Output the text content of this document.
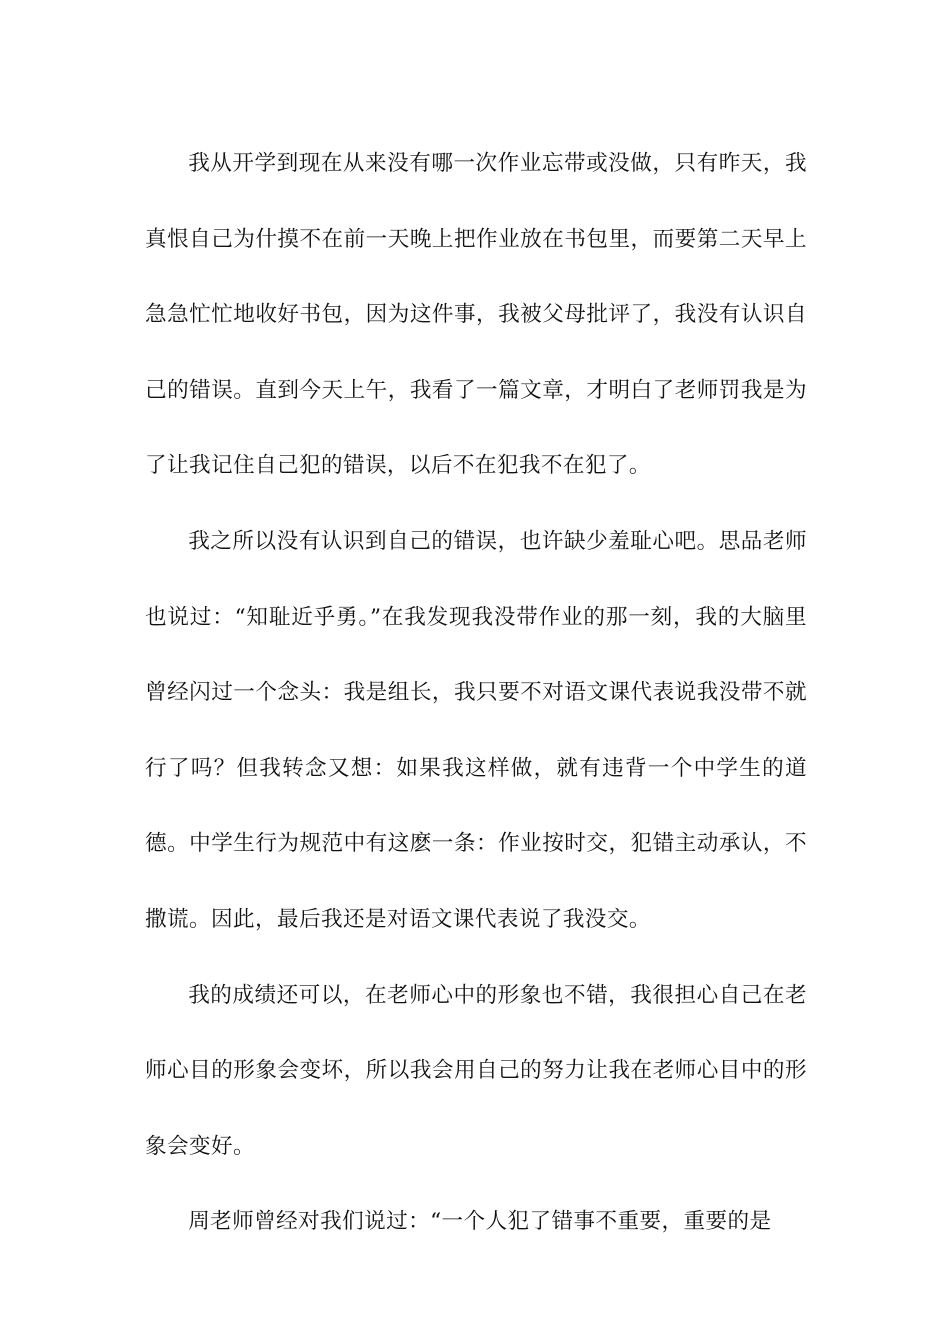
我从开学到现在从来没有哪一次作业忘带或没做，只有昨天，我真恨自己为什摸不在前一天晚上把作业放在书包里，而要第二天早上急急忙忙地收好书包，因为这件事，我被父母批评了，我没有认识自己的错误。直到今天上午，我看了一篇文章，才明白了老师罚我是为了让我记住自己犯的错误，以后不在犯我不在犯了。

我之所以没有认识到自己的错误，也许缺少羞耻心吧。思品老师也说过：“知耻近乎勇。”在我发现我没带作业的那一刻，我的大脑里曾经闪过一个念头：我是组长，我只要不对语文课代表说我没带不就行了吗？但我转念又想：如果我这样做，就有违背一个中学生的道德。中学生行为规范中有这麽一条：作业按时交，犯错主动承认，不撒谎。因此，最后我还是对语文课代表说了我没交。

我的成绩还可以，在老师心中的形象也不错，我很担心自己在老师心目的形象会变坏，所以我会用自己的努力让我在老师心目中的形象会变好。

周老师曾经对我们说过：“一个人犯了错事不重要，重要的是
